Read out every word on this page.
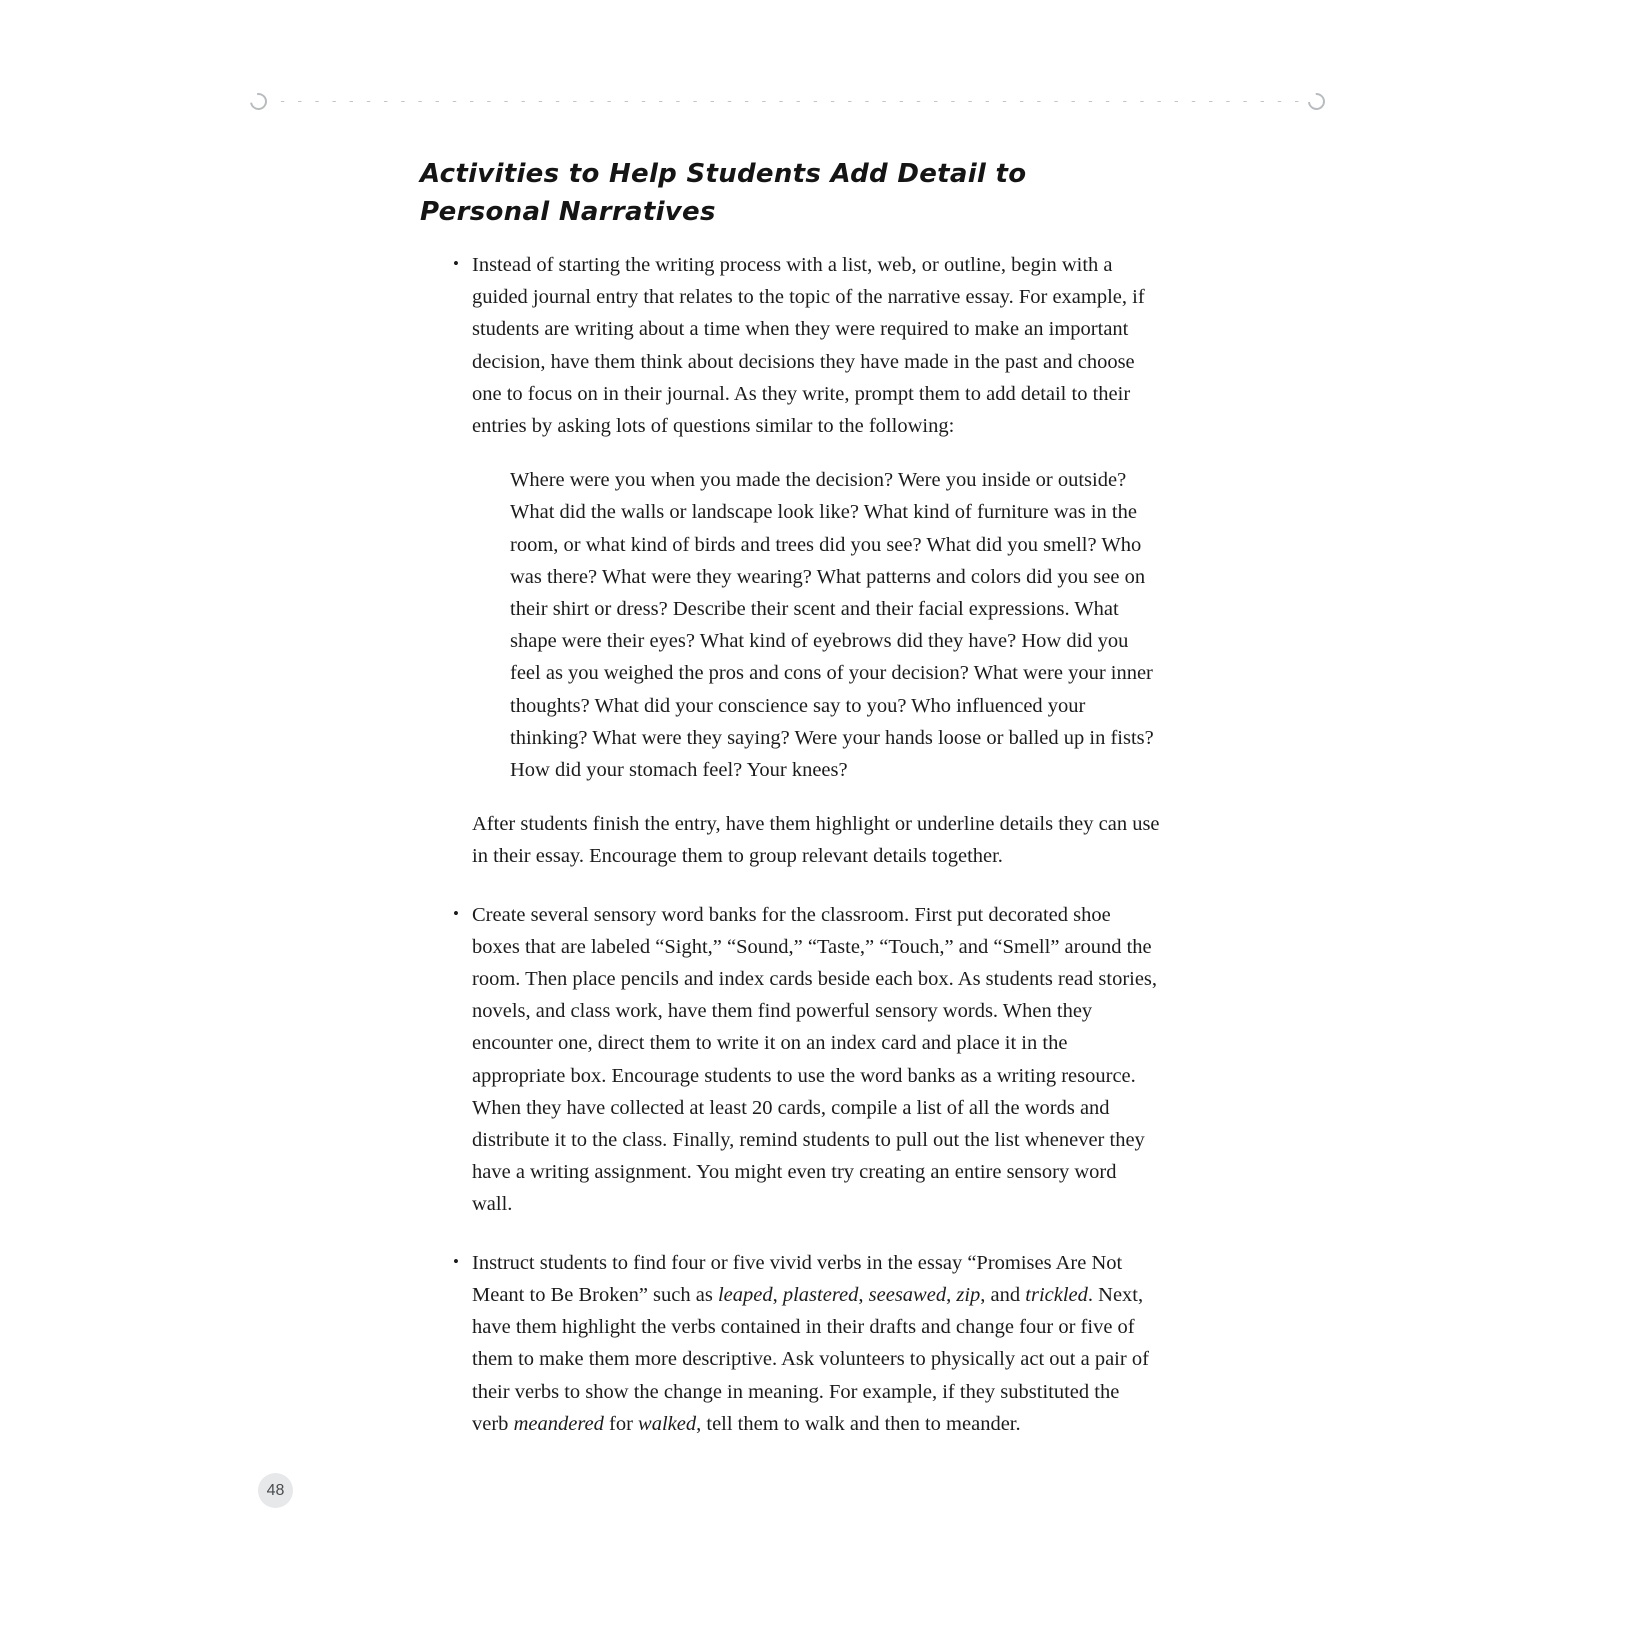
Activities to Help Students Add Detail to
Personal Narratives
• Instead of starting the writing process with a list, web, or outline, begin with a guided journal entry that relates to the topic of the narrative essay. For example, if students are writing about a time when they were required to make an important decision, have them think about decisions they have made in the past and choose one to focus on in their journal. As they write, prompt them to add detail to their entries by asking lots of questions similar to the following:
Where were you when you made the decision? Were you inside or outside? What did the walls or landscape look like? What kind of furniture was in the room, or what kind of birds and trees did you see? What did you smell? Who was there? What were they wearing? What patterns and colors did you see on their shirt or dress? Describe their scent and their facial expressions. What shape were their eyes? What kind of eyebrows did they have? How did you feel as you weighed the pros and cons of your decision? What were your inner thoughts? What did your conscience say to you? Who influenced your thinking? What were they saying? Were your hands loose or balled up in fists? How did your stomach feel? Your knees?
After students finish the entry, have them highlight or underline details they can use in their essay. Encourage them to group relevant details together.
• Create several sensory word banks for the classroom. First put decorated shoe boxes that are labeled “Sight,” “Sound,” “Taste,” “Touch,” and “Smell” around the room. Then place pencils and index cards beside each box. As students read stories, novels, and class work, have them find powerful sensory words. When they encounter one, direct them to write it on an index card and place it in the appropriate box. Encourage students to use the word banks as a writing resource. When they have collected at least 20 cards, compile a list of all the words and distribute it to the class. Finally, remind students to pull out the list whenever they have a writing assignment. You might even try creating an entire sensory word wall.
• Instruct students to find four or five vivid verbs in the essay “Promises Are Not Meant to Be Broken” such as leaped, plastered, seesawed, zip, and trickled. Next, have them highlight the verbs contained in their drafts and change four or five of them to make them more descriptive. Ask volunteers to physically act out a pair of their verbs to show the change in meaning. For example, if they substituted the verb meandered for walked, tell them to walk and then to meander.
48
